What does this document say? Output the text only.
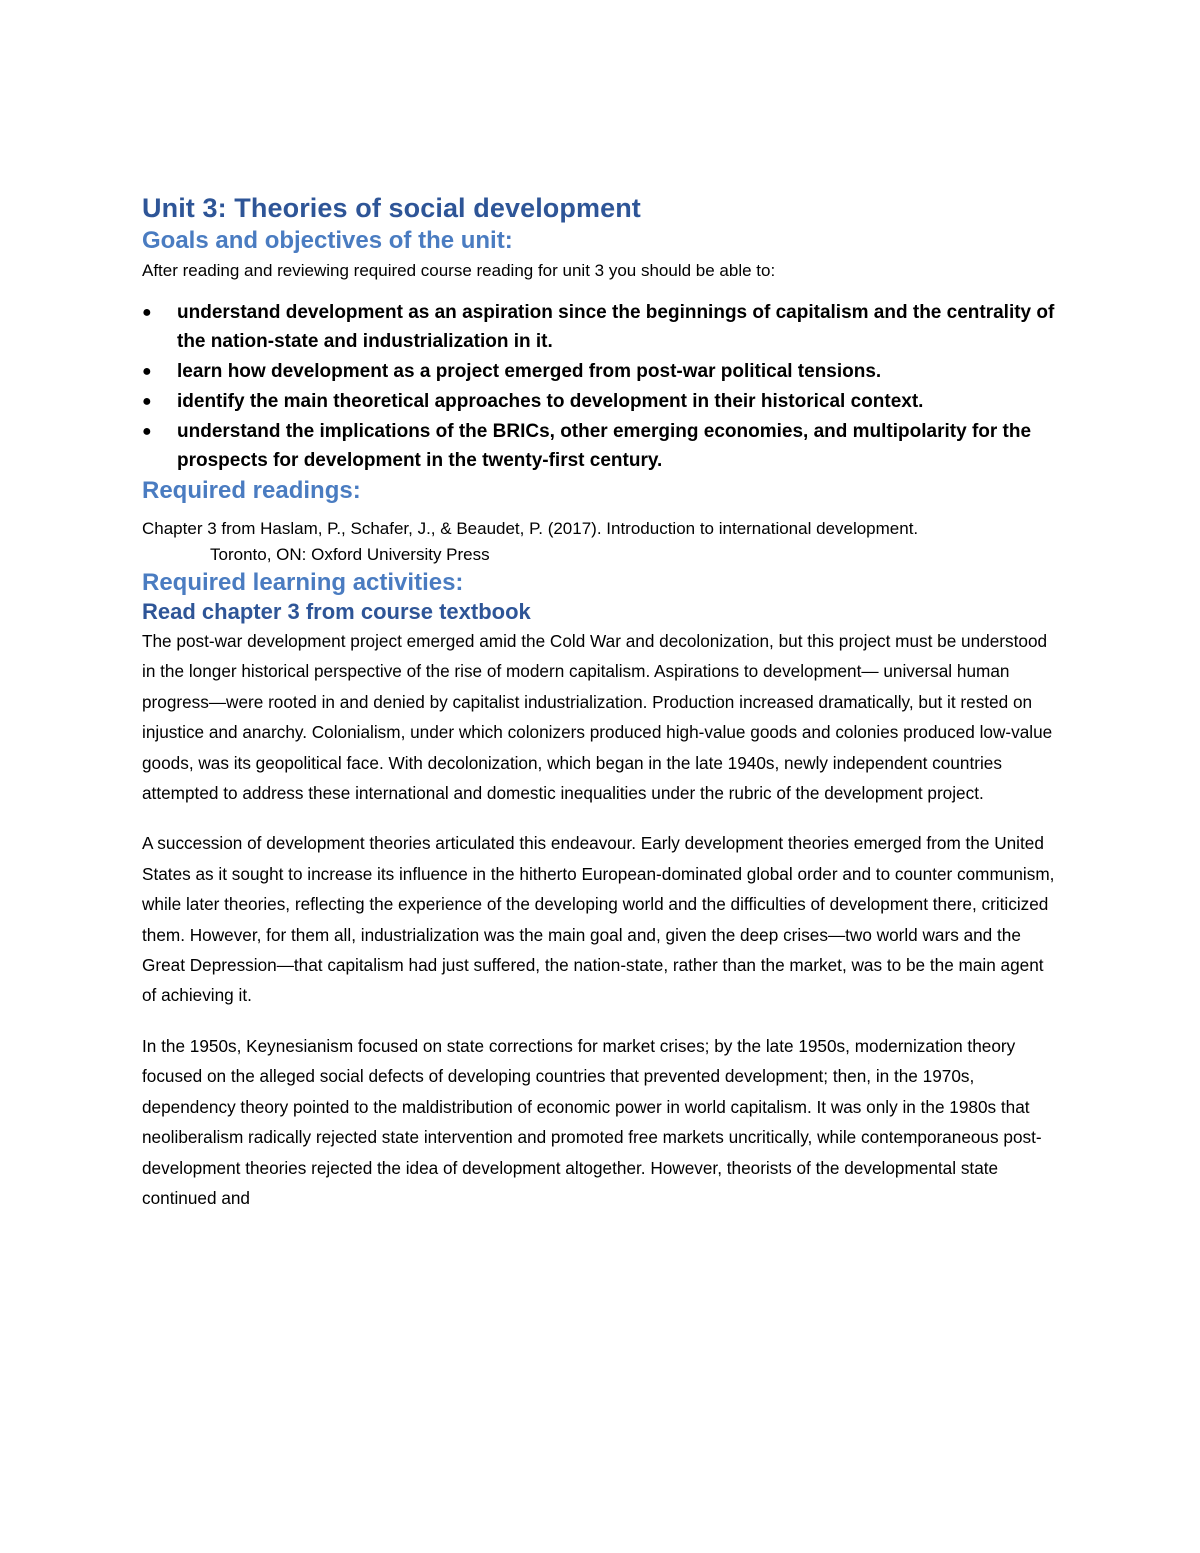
Unit 3: Theories of social development
Goals and objectives of the unit:

After reading and reviewing required course reading for unit 3 you should be able to:

● understand development as an aspiration since the beginnings of capitalism and the centrality of the nation-state and industrialization in it.
● learn how development as a project emerged from post-war political tensions.
● identify the main theoretical approaches to development in their historical context.
● understand the implications of the BRICs, other emerging economies, and multipolarity for the prospects for development in the twenty-first century.
Required readings:

Chapter 3 from Haslam, P., Schafer, J., & Beaudet, P. (2017). Introduction to international development.
Toronto, ON: Oxford University Press

Required learning activities:
Read chapter 3 from course textbook

The post-war development project emerged amid the Cold War and decolonization, but this project must be understood in the longer historical perspective of the rise of modern capitalism. Aspirations to development— universal human progress—were rooted in and denied by capitalist industrialization. Production increased dramatically, but it rested on injustice and anarchy. Colonialism, under which colonizers produced high-value goods and colonies produced low-value goods, was its geopolitical face. With decolonization, which began in the late 1940s, newly independent countries attempted to address these international and domestic inequalities under the rubric of the development project.

A succession of development theories articulated this endeavour. Early development theories emerged from the United States as it sought to increase its influence in the hitherto European-dominated global order and to counter communism, while later theories, reflecting the experience of the developing world and the difficulties of development there, criticized them. However, for them all, industrialization was the main goal and, given the deep crises—two world wars and the Great Depression—that capitalism had just suffered, the nation-state, rather than the market, was to be the main agent of achieving it.

In the 1950s, Keynesianism focused on state corrections for market crises; by the late 1950s, modernization theory focused on the alleged social defects of developing countries that prevented development; then, in the 1970s, dependency theory pointed to the maldistribution of economic power in world capitalism. It was only in the 1980s that neoliberalism radically rejected state intervention and promoted free markets uncritically, while contemporaneous post-development theories rejected the idea of development altogether. However, theorists of the developmental state continued and
